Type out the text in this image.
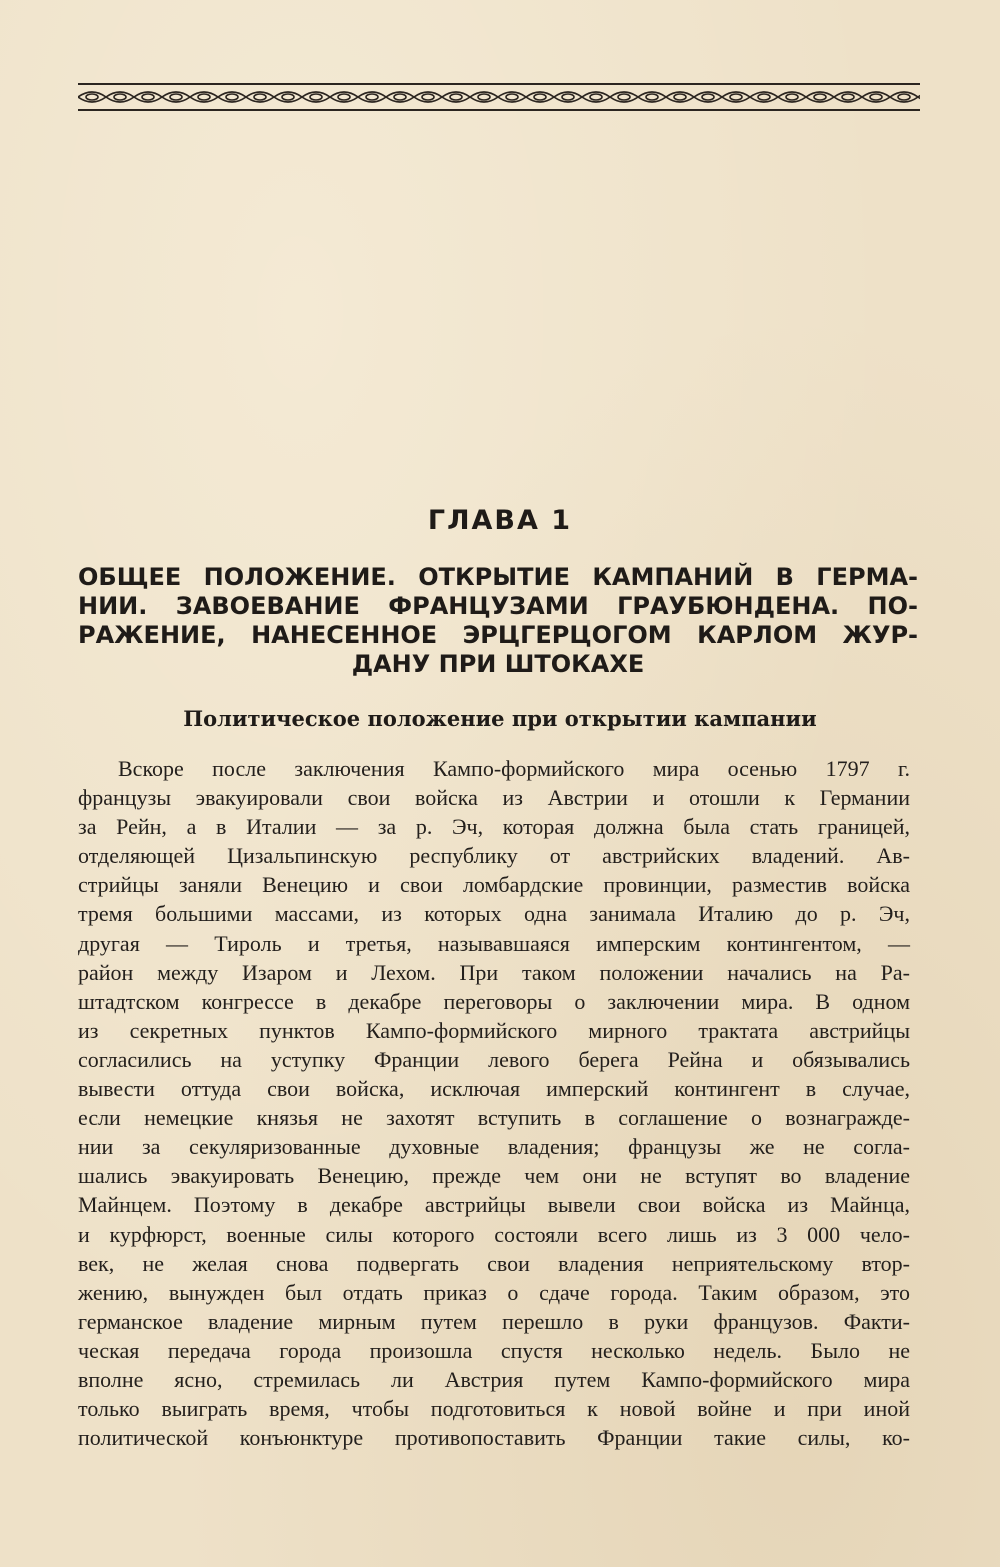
ГЛАВА 1
ОБЩЕЕ ПОЛОЖЕНИЕ. ОТКРЫТИЕ КАМПАНИЙ В ГЕРМА-
НИИ. ЗАВОЕВАНИЕ ФРАНЦУЗАМИ ГРАУБЮНДЕНА. ПО-
РАЖЕНИЕ, НАНЕСЕННОЕ ЭРЦГЕРЦОГОМ КАРЛОМ ЖУР-
ДАНУ ПРИ ШТОКАХЕ
Политическое положение при открытии кампании
Вскоре после заключения Кампо-формийского мира осенью 1797 г.
французы эвакуировали свои войска из Австрии и отошли к Германии
за Рейн, а в Италии — за р. Эч, которая должна была стать границей,
отделяющей Цизальпинскую республику от австрийских владений. Ав-
стрийцы заняли Венецию и свои ломбардские провинции, разместив войска
тремя большими массами, из которых одна занимала Италию до р. Эч,
другая — Тироль и третья, называвшаяся имперским контингентом, —
район между Изаром и Лехом. При таком положении начались на Ра-
штадтском конгрессе в декабре переговоры о заключении мира. В одном
из секретных пунктов Кампо-формийского мирного трактата австрийцы
согласились на уступку Франции левого берега Рейна и обязывались
вывести оттуда свои войска, исключая имперский контингент в случае,
если немецкие князья не захотят вступить в соглашение о вознагражде-
нии за секуляризованные духовные владения; французы же не согла-
шались эвакуировать Венецию, прежде чем они не вступят во владение
Майнцем. Поэтому в декабре австрийцы вывели свои войска из Майнца,
и курфюрст, военные силы которого состояли всего лишь из 3 000 чело-
век, не желая снова подвергать свои владения неприятельскому втор-
жению, вынужден был отдать приказ о сдаче города. Таким образом, это
германское владение мирным путем перешло в руки французов. Факти-
ческая передача города произошла спустя несколько недель. Было не
вполне ясно, стремилась ли Австрия путем Кампо-формийского мира
только выиграть время, чтобы подготовиться к новой войне и при иной
политической конъюнктуре противопоставить Франции такие силы, ко-
